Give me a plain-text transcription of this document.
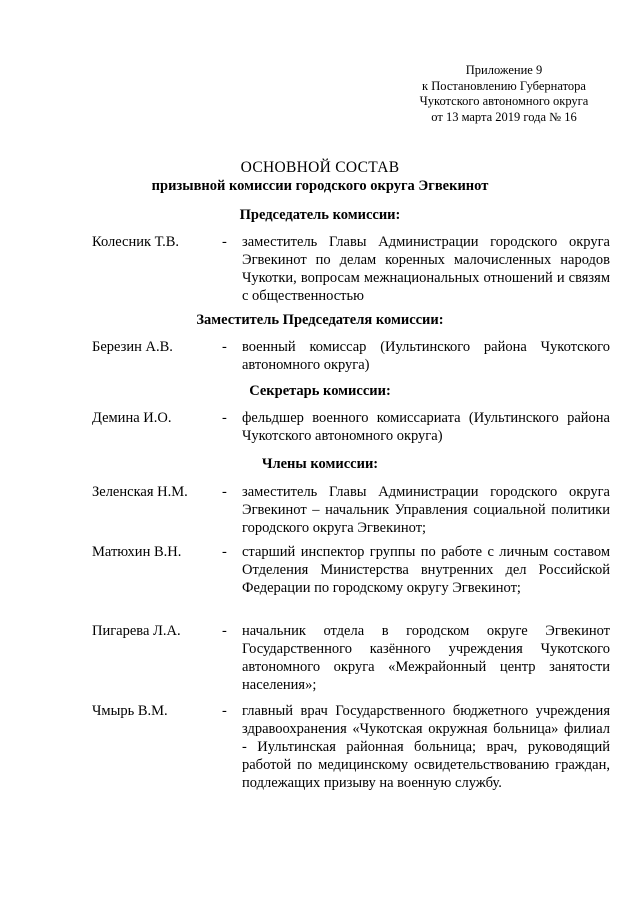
Приложение 9
к Постановлению Губернатора
Чукотского автономного округа
от 13 марта 2019 года № 16
ОСНОВНОЙ СОСТАВ
призывной комиссии городского округа Эгвекинот
Председатель комиссии:
Колесник Т.В.	- заместитель Главы Администрации городского округа Эгвекинот по делам коренных малочисленных народов Чукотки, вопросам межнациональных отношений и связям с общественностью
Заместитель Председателя комиссии:
Березин А.В.	- военный комиссар (Иультинского района Чукотского автономного округа)
Секретарь комиссии:
Демина И.О.	- фельдшер военного комиссариата (Иультинского района Чукотского автономного округа)
Члены комиссии:
Зеленская Н.М. - заместитель Главы Администрации городского округа Эгвекинот – начальник Управления социальной политики городского округа Эгвекинот;
Матюхин В.Н.	- старший инспектор группы по работе с личным составом Отделения Министерства внутренних дел Российской Федерации по городскому округу Эгвекинот;
Пигарева Л.А.	- начальник отдела в городском округе Эгвекинот Государственного казённого учреждения Чукотского автономного округа «Межрайонный центр занятости населения»;
Чмырь В.М.	- главный врач Государственного бюджетного учреждения здравоохранения «Чукотская окружная больница» филиал - Иультинская районная больница; врач, руководящий работой по медицинскому освидетельствованию граждан, подлежащих призыву на военную службу.
